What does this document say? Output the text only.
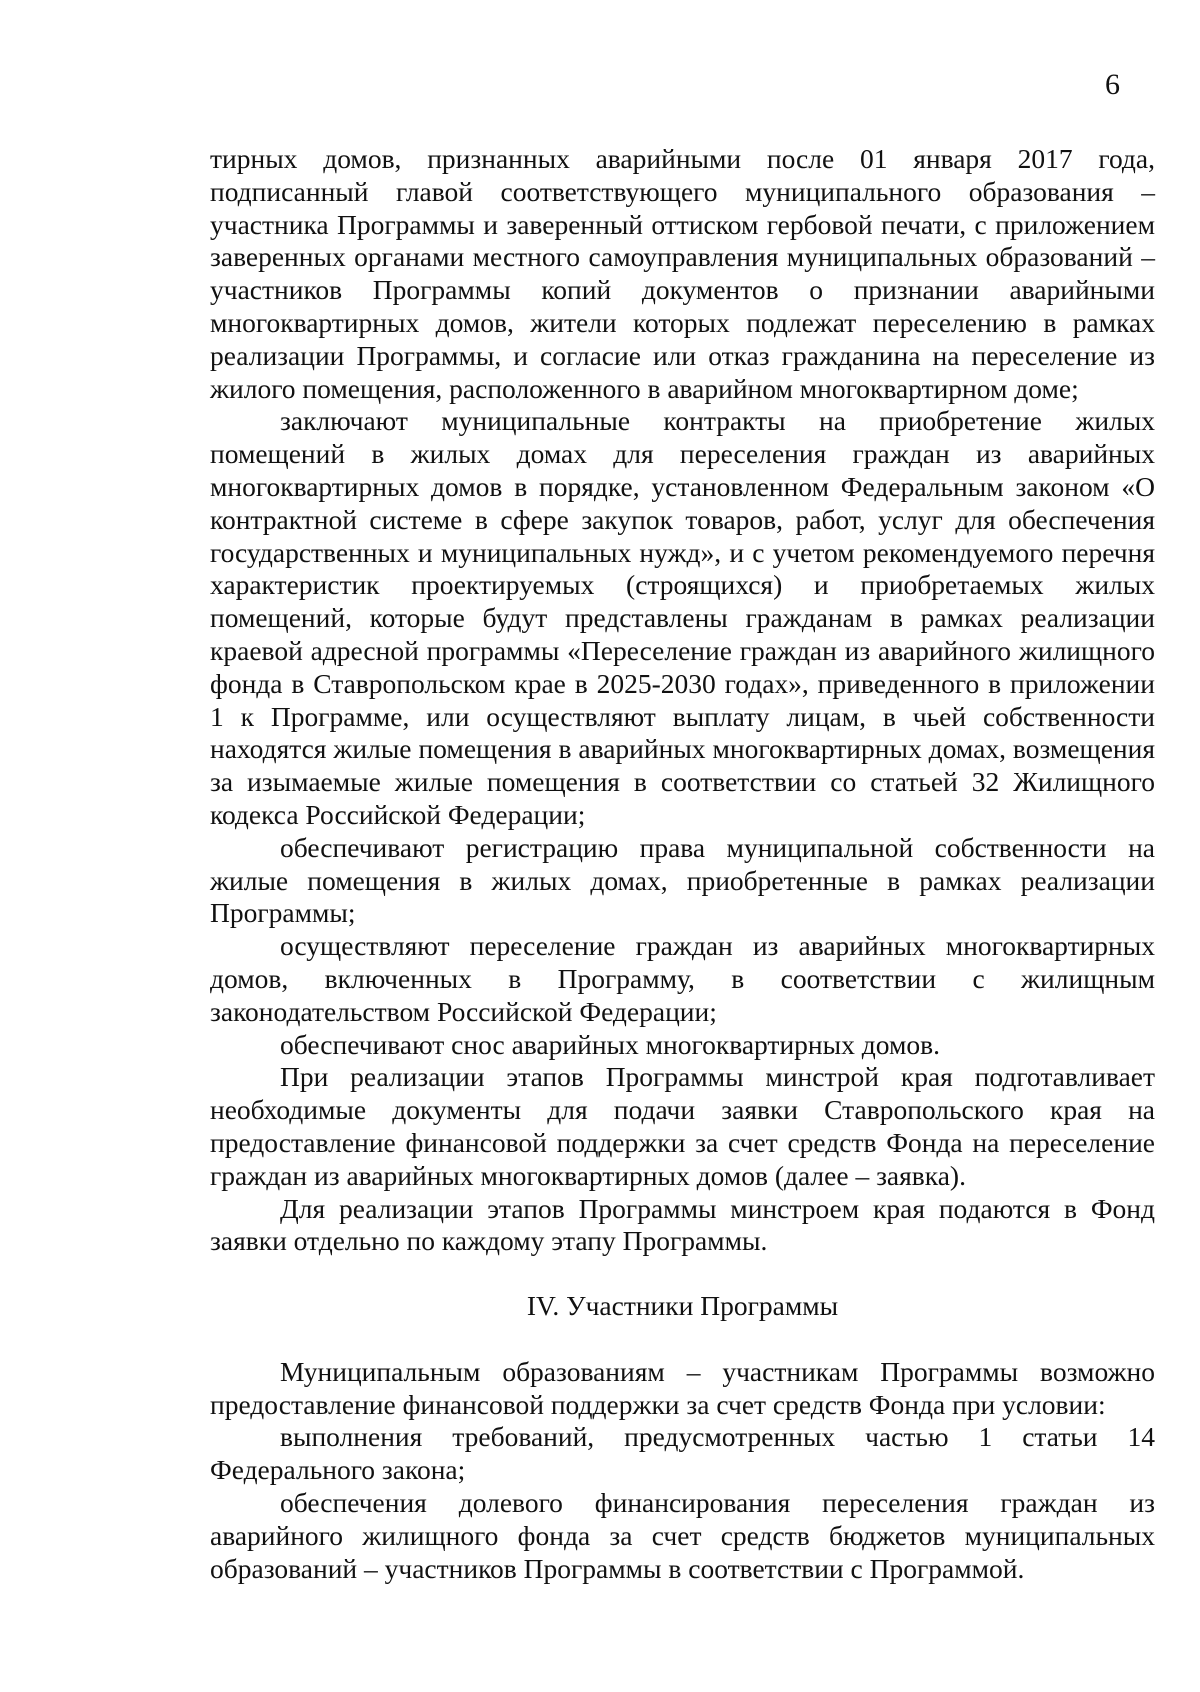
6

тирных домов, признанных аварийными после 01 января 2017 года, подписанный главой соответствующего муниципального образования – участника Программы и заверенный оттиском гербовой печати, с приложением заверенных органами местного самоуправления муниципальных образований – участников Программы копий документов о признании аварийными многоквартирных домов, жители которых подлежат переселению в рамках реализации Программы, и согласие или отказ гражданина на переселение из жилого помещения, расположенного в аварийном многоквартирном доме;

заключают муниципальные контракты на приобретение жилых помещений в жилых домах для переселения граждан из аварийных многоквартирных домов в порядке, установленном Федеральным законом «О контрактной системе в сфере закупок товаров, работ, услуг для обеспечения государственных и муниципальных нужд», и с учетом рекомендуемого перечня характеристик проектируемых (строящихся) и приобретаемых жилых помещений, которые будут представлены гражданам в рамках реализации краевой адресной программы «Переселение граждан из аварийного жилищного фонда в Ставропольском крае в 2025-2030 годах», приведенного в приложении 1 к Программе, или осуществляют выплату лицам, в чьей собственности находятся жилые помещения в аварийных многоквартирных домах, возмещения за изымаемые жилые помещения в соответствии со статьей 32 Жилищного кодекса Российской Федерации;

обеспечивают регистрацию права муниципальной собственности на жилые помещения в жилых домах, приобретенные в рамках реализации Программы;

осуществляют переселение граждан из аварийных многоквартирных домов, включенных в Программу, в соответствии с жилищным законодательством Российской Федерации;

обеспечивают снос аварийных многоквартирных домов.

При реализации этапов Программы минстрой края подготавливает необходимые документы для подачи заявки Ставропольского края на предоставление финансовой поддержки за счет средств Фонда на переселение граждан из аварийных многоквартирных домов (далее – заявка).

Для реализации этапов Программы минстроем края подаются в Фонд заявки отдельно по каждому этапу Программы.

IV. Участники Программы

Муниципальным образованиям – участникам Программы возможно предоставление финансовой поддержки за счет средств Фонда при условии:

выполнения требований, предусмотренных частью 1 статьи 14 Федерального закона;

обеспечения долевого финансирования переселения граждан из аварийного жилищного фонда за счет средств бюджетов муниципальных образований – участников Программы в соответствии с Программой.
